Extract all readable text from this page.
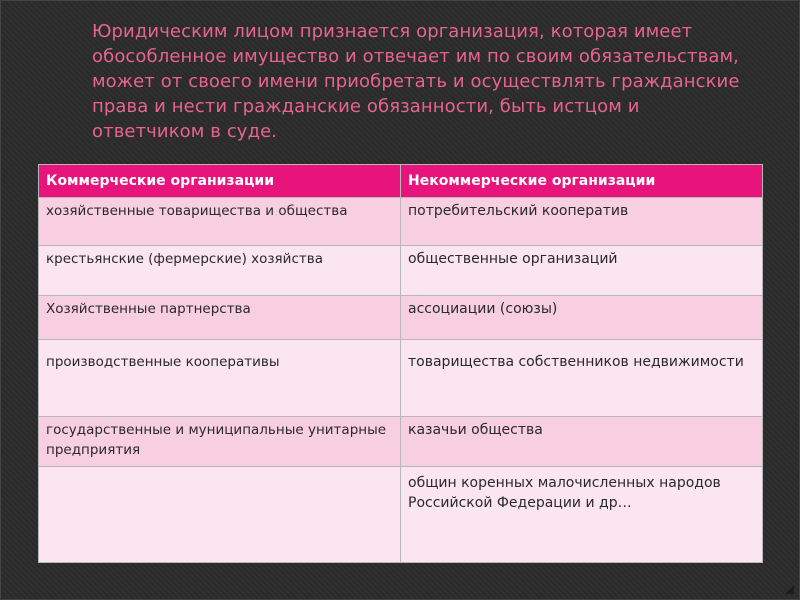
Юридическим лицом признается организация, которая имеет обособленное имущество и отвечает им по своим обязательствам, может от своего имени приобретать и осуществлять гражданские права и нести гражданские обязанности, быть истцом и ответчиком в суде.

Коммерческие организации	Некоммерческие организации
хозяйственные товарищества и общества	потребительский кооператив
крестьянские (фермерские) хозяйства	общественные организаций
Хозяйственные партнерства	ассоциации (союзы)
производственные кооперативы	товарищества собственников недвижимости
государственные и муниципальные унитарные предприятия	казачьи общества
	общин коренных малочисленных народов Российской Федерации и др…
